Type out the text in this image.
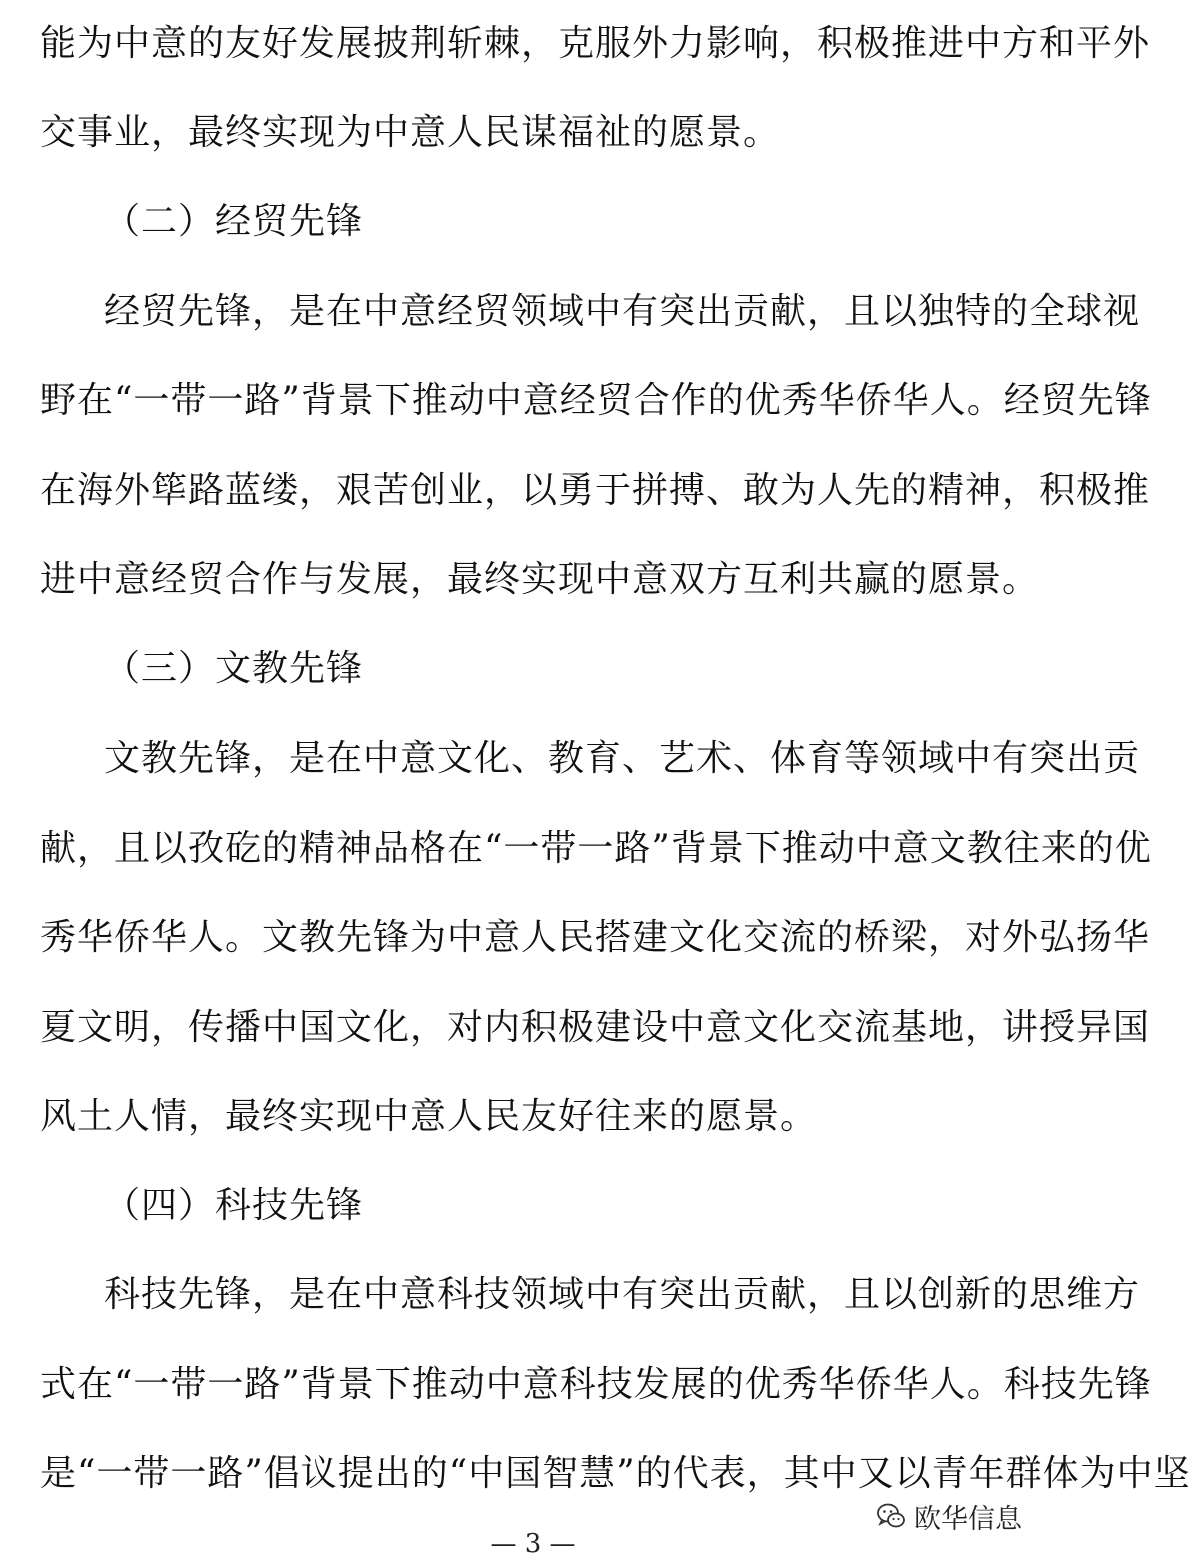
能为中意的友好发展披荆斩棘，克服外力影响，积极推进中方和平外
交事业，最终实现为中意人民谋福祉的愿景。
（二）经贸先锋
经贸先锋，是在中意经贸领域中有突出贡献，且以独特的全球视
野在“一带一路”背景下推动中意经贸合作的优秀华侨华人。经贸先锋
在海外筚路蓝缕，艰苦创业，以勇于拼搏、敢为人先的精神，积极推
进中意经贸合作与发展，最终实现中意双方互利共赢的愿景。
（三）文教先锋
文教先锋，是在中意文化、教育、艺术、体育等领域中有突出贡
献，且以孜矻的精神品格在“一带一路”背景下推动中意文教往来的优
秀华侨华人。文教先锋为中意人民搭建文化交流的桥梁，对外弘扬华
夏文明，传播中国文化，对内积极建设中意文化交流基地，讲授异国
风土人情，最终实现中意人民友好往来的愿景。
（四）科技先锋
科技先锋，是在中意科技领域中有突出贡献，且以创新的思维方
式在“一带一路”背景下推动中意科技发展的优秀华侨华人。科技先锋
是“一带一路”倡议提出的“中国智慧”的代表，其中又以青年群体为中坚
欧华信息
— 3 —
